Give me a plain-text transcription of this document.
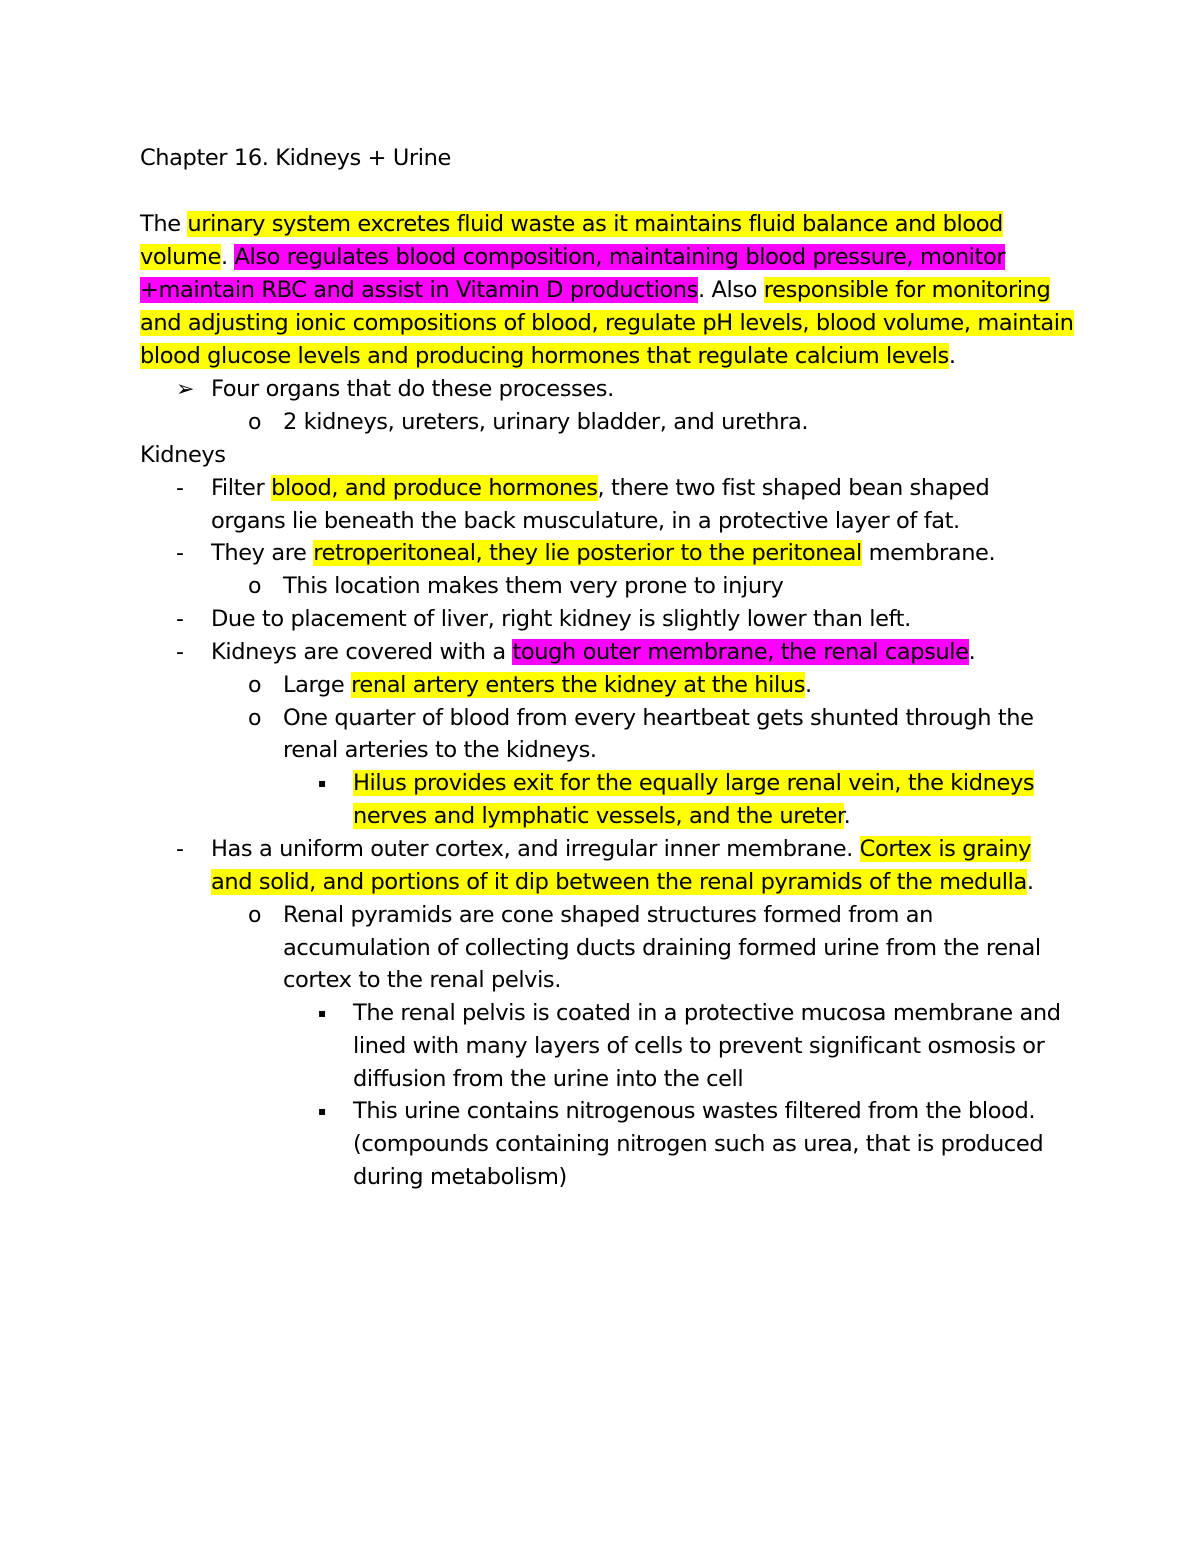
Chapter 16. Kidneys + Urine
The urinary system excretes fluid waste as it maintains fluid balance and blood
volume. Also regulates blood composition, maintaining blood pressure, monitor
+maintain RBC and assist in Vitamin D productions. Also responsible for monitoring
and adjusting ionic compositions of blood, regulate pH levels, blood volume, maintain
blood glucose levels and producing hormones that regulate calcium levels.
➢ Four organs that do these processes.
o 2 kidneys, ureters, urinary bladder, and urethra.
Kidneys
- Filter blood, and produce hormones, there two fist shaped bean shaped
organs lie beneath the back musculature, in a protective layer of fat.
- They are retroperitoneal, they lie posterior to the peritoneal membrane.
o This location makes them very prone to injury
- Due to placement of liver, right kidney is slightly lower than left.
- Kidneys are covered with a tough outer membrane, the renal capsule.
o Large renal artery enters the kidney at the hilus.
o One quarter of blood from every heartbeat gets shunted through the
renal arteries to the kidneys.
▪ Hilus provides exit for the equally large renal vein, the kidneys
nerves and lymphatic vessels, and the ureter.
- Has a uniform outer cortex, and irregular inner membrane. Cortex is grainy
and solid, and portions of it dip between the renal pyramids of the medulla.
o Renal pyramids are cone shaped structures formed from an
accumulation of collecting ducts draining formed urine from the renal
cortex to the renal pelvis.
▪ The renal pelvis is coated in a protective mucosa membrane and
lined with many layers of cells to prevent significant osmosis or
diffusion from the urine into the cell
▪ This urine contains nitrogenous wastes filtered from the blood.
(compounds containing nitrogen such as urea, that is produced
during metabolism)
